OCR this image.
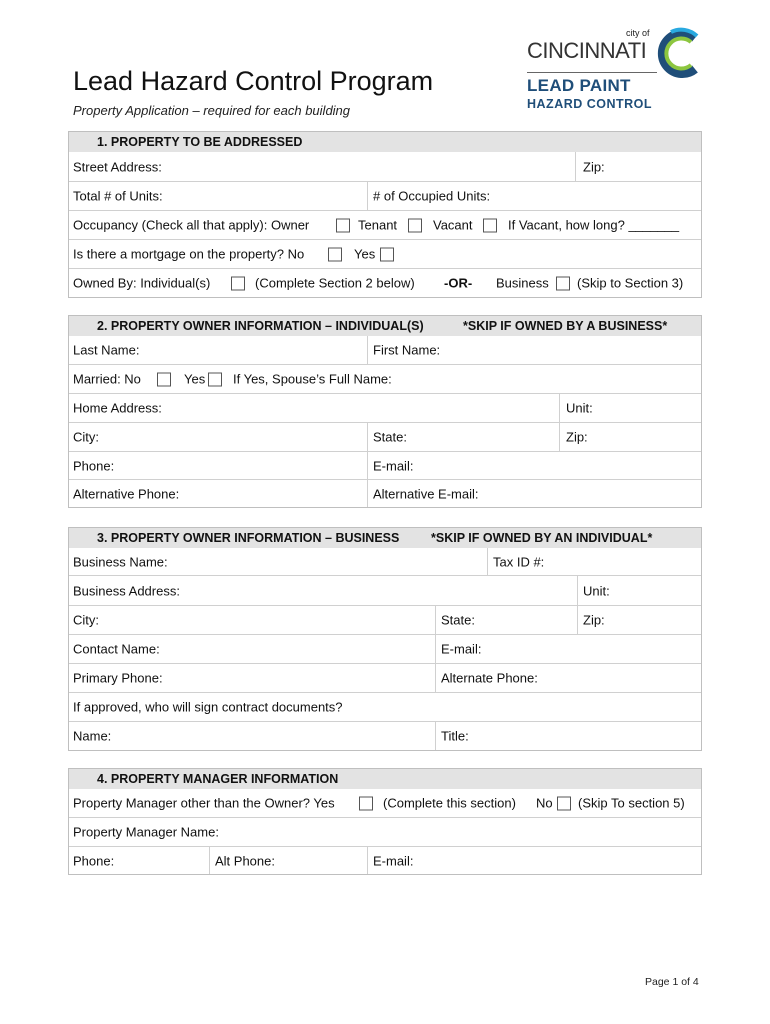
Lead Hazard Control Program
Property Application – required for each building
city of
CINCINNATI
LEAD PAINT
HAZARD CONTROL
1. PROPERTY TO BE ADDRESSED
Street Address:	Zip:
Total # of Units:	# of Occupied Units:
Occupancy (Check all that apply): Owner	Tenant	Vacant	If Vacant, how long? _______
Is there a mortgage on the property? No	Yes
Owned By: Individual(s)	(Complete Section 2 below) -OR- Business (Skip to Section 3)
2. PROPERTY OWNER INFORMATION – INDIVIDUAL(S)	*SKIP IF OWNED BY A BUSINESS*
Last Name:	First Name:
Married: No	Yes If Yes, Spouse’s Full Name:
Home Address:	Unit:
City:	State:	Zip:
Phone:	E-mail:
Alternative Phone:	Alternative E-mail:
3. PROPERTY OWNER INFORMATION – BUSINESS	*SKIP IF OWNED BY AN INDIVIDUAL*
Business Name:	Tax ID #:
Business Address:	Unit:
City:	State:	Zip:
Contact Name:	E-mail:
Primary Phone:	Alternate Phone:
If approved, who will sign contract documents?
Name:	Title:
4. PROPERTY MANAGER INFORMATION
Property Manager other than the Owner? Yes	(Complete this section) No (Skip To section 5)
Property Manager Name:
Phone:	Alt Phone:	E-mail:
Page 1 of 4
